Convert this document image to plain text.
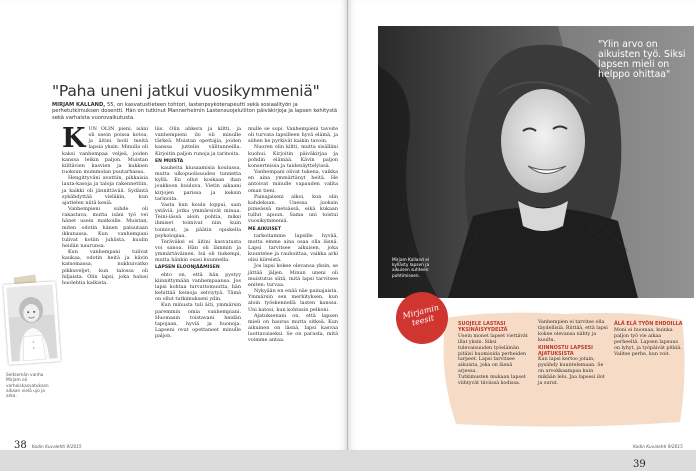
"Paha uneni jatkui vuosikymmeniä"
MIRJAM KALLAND, 55, on kasvatustieteen tohtori, lastenpsykoterapeutti sekä sosiaalityön ja perhetutkimuksen dosentti. Hän on tutkinut Mannerheimin Lastensuojeluliiton päiväkirjoja ja lapsen kehitystä sekä varhaista vuorovaikutusta.

KUN OLIN pieni, isäni oli usein poissa kotoa, ja äitini hoiti meitä lapsia yksin. Minulla oli kaksi vanhempaa veljeä, joiden kanssa leikin paljon. Muistan kiiltävien kasvien ja kukkien tuoksun mummolan puutarhassa.

Hengittyväni avattiin, pihkaisia lauta-kasoja ja taloja rakennettiin, ja kaikki oli jännittävää. Sydäntä sykähdyttää vieläkin, kun ajattelen niitä kesiä.

Vanhempieni suhde oli rakastava, mutta isäni työ vei hänet usein matkoille. Muistan, miten odotin hänen paluutaan ikkunassa. Kun vanhempani tulivat kotiin juhlista, kuulin heidän naurunsa.

Kun vanhempani tulivat kaukaa, odotin heitä ja kävin katsomassa, nukkuivatko pikkuveljet, kun talossa oli hiljaista. Olin lapsi, joka halusi huolehtia kaikista.

liis. Olin ahkera ja kiltti, ja vanhempieni ilo oli minulle tärkeä. Muistan opettajia, joiden kanssa juttelin välitunneilla. Kirjoitin paljon runoja ja tarinoita.

EN MUISTA

kauheita kiusaamisia koulussa, mutta ulkopuolisuuden tunnetta kyllä. En ollut koskaan ihan joukkoon kuuluva. Vietin aikaani kirjojen parissa ja keksin tarinoita.

Vasta kun koulu loppui, sain ystäviä, jotka ymmärsivät minua. Teini-iässä aloin pohtia, miksi ihmiset toimivat niin kuin toimivat, ja päätin opiskella psykologiaa.

Teräväksi ei äitini kasvatusta voi sanoa. Hän oli lämmin ja ymmärtäväinen. Isä oli tiukempi, mutta hänkin osasi kuunnella.

LAPSEN ELOONJÄÄMISEN

ehto on, että hän pystyy kiinnittymään vanhempaansa. Jos lapsi kohtaa turvattomuutta, hän kehittää keinoja selviytyä. Tämä on ollut tutkimukseni ydin.

Kun minusta tuli äiti, ymmärsin paremmin omia vanhempiani. Huomasin toistavani heidän tapojaan, hyviä ja huonoja. Lapseni ovat opettaneet minulle paljon.

mulle se sopi. Vanhempieni tavoite oli turvata lapsilleen hyvä elämä, ja siihen he pyrkivät kaikin tavoin.

Nuoren olin kiltti, mutta sisälläni kuohui. Kirjoitin päiväkirjaa ja pohdin elämää. Kävin paljon konserteissa ja taidenäyttelyissä.

Vanhempani olivat tukena, vaikka en aina ymmärtänyt heitä. He antoivat minulle vapauden valita oman tieni.

Painajaiseni alkoi, kun olin kahdeksan. Unessa juoksin pimeässä metsässä, eikä kukaan tullut apuun. Sama uni toistui vuosikymmeniä.

ME AIKUISET

tarkoitamme lapsille hyvää, mutta emme aina osaa olla läsnä. Lapsi tarvitsee aikuisen, joka kuuntelee ja rauhoittaa, vaikka arki olisi kiireistä.

Jos lapsi kokee olevansa yksin, se jättää jäljen. Minun uneni oli muistutus siitä, mitä lapsi tarvitsee eniten: turvaa.

Nykyään en enää näe painajaista. Ymmärsin sen merkityksen, kun aloin työskennellä lasten kanssa. Uni katosi, kun kohtasin pelkoni.

Ajatuksenani on, että lapsen mieli on hauras mutta sitkeä. Kun aikuinen on läsnä, lapsi kasvaa luottavaiseksi. Se on parasta, mitä voimme antaa.

Seitsemän vanha Mirjam oli varhaiskasvatuksen aikaan vielä ujo ja arka.
38 Kodin Kuvalehti 9/2015
"Ylin arvo on aikuisten työ. Siksi lapsen mieli on helppo ohittaa"
Mirjam Kalland ei kyllästy lapsen ja aikuisen suhteen pohtimiseen.
Kodin Kuvalehti 9/2015 39
Mirjamin teesit	SUOJELE LASTASI YKSINÄISYYDELTÄ

Usein monet lapset viettävät illat yksin. Siksi tulevaisuuden työelämän pitäisi huomioida perheiden tarpeet. Lapsi tarvitsee aikuista, joka on läsnä arjessa.

Tutkimusten mukaan lapset viihtyvät tiiviissä kodissa.

Vanhempien ei tarvitse olla täydellisiä. Riittää, että lapsi kokee olevansa nähty ja kuultu.

KIINNOSTU LAPSESI AJATUKSISTA

Kun lapsi kertoo jotain, pysähdy kuuntelemaan. Se on arvokkaampaa kuin mikään lelu. Jaa lapsesi ilot ja surut.

ÄLÄ ELÄ TYÖN EHDOILLA

Moni ei huomaa, kuinka paljon työ vie aikaa perheeltä. Lapsen lapsuus on lyhyt, ja työpäivät pitkiä. Valitse perhe, kun voit.
